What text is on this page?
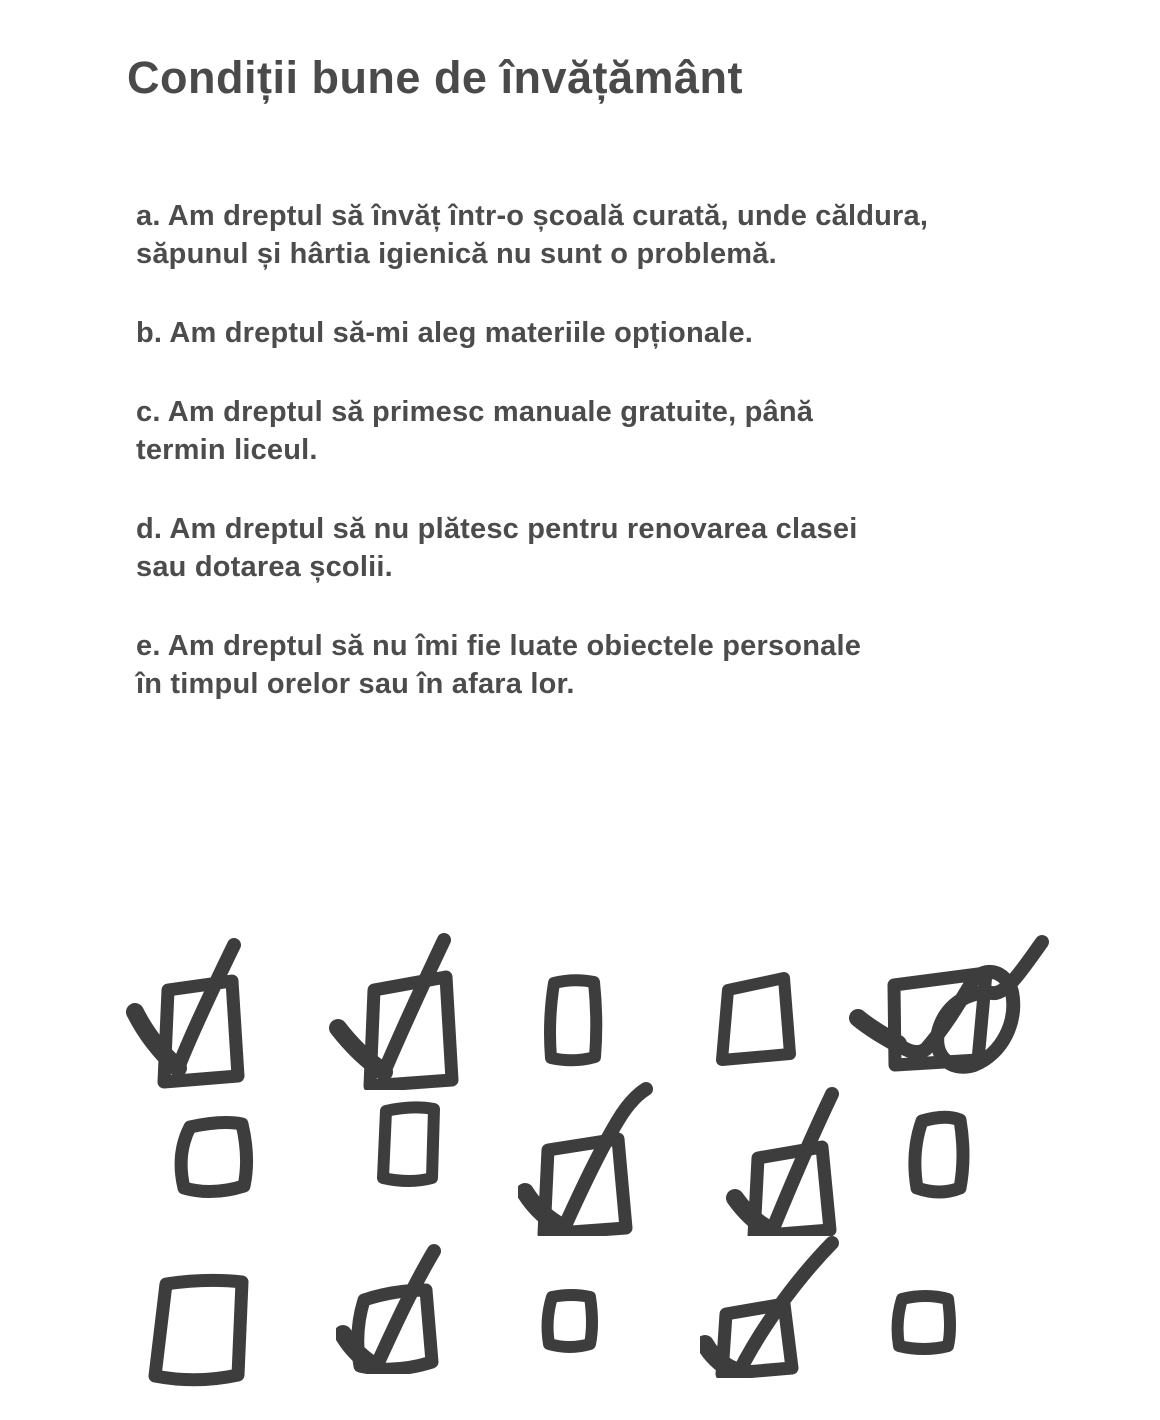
Condiții bune de învățământ
a. Am dreptul să învăț într-o școală curată, unde căldura,
săpunul și hârtia igienică nu sunt o problemă.
b. Am dreptul să-mi aleg materiile opționale.
c. Am dreptul să primesc manuale gratuite, până
termin liceul.
d. Am dreptul să nu plătesc pentru renovarea clasei
sau dotarea școlii.
e. Am dreptul să nu îmi fie luate obiectele personale
în timpul orelor sau în afara lor.
